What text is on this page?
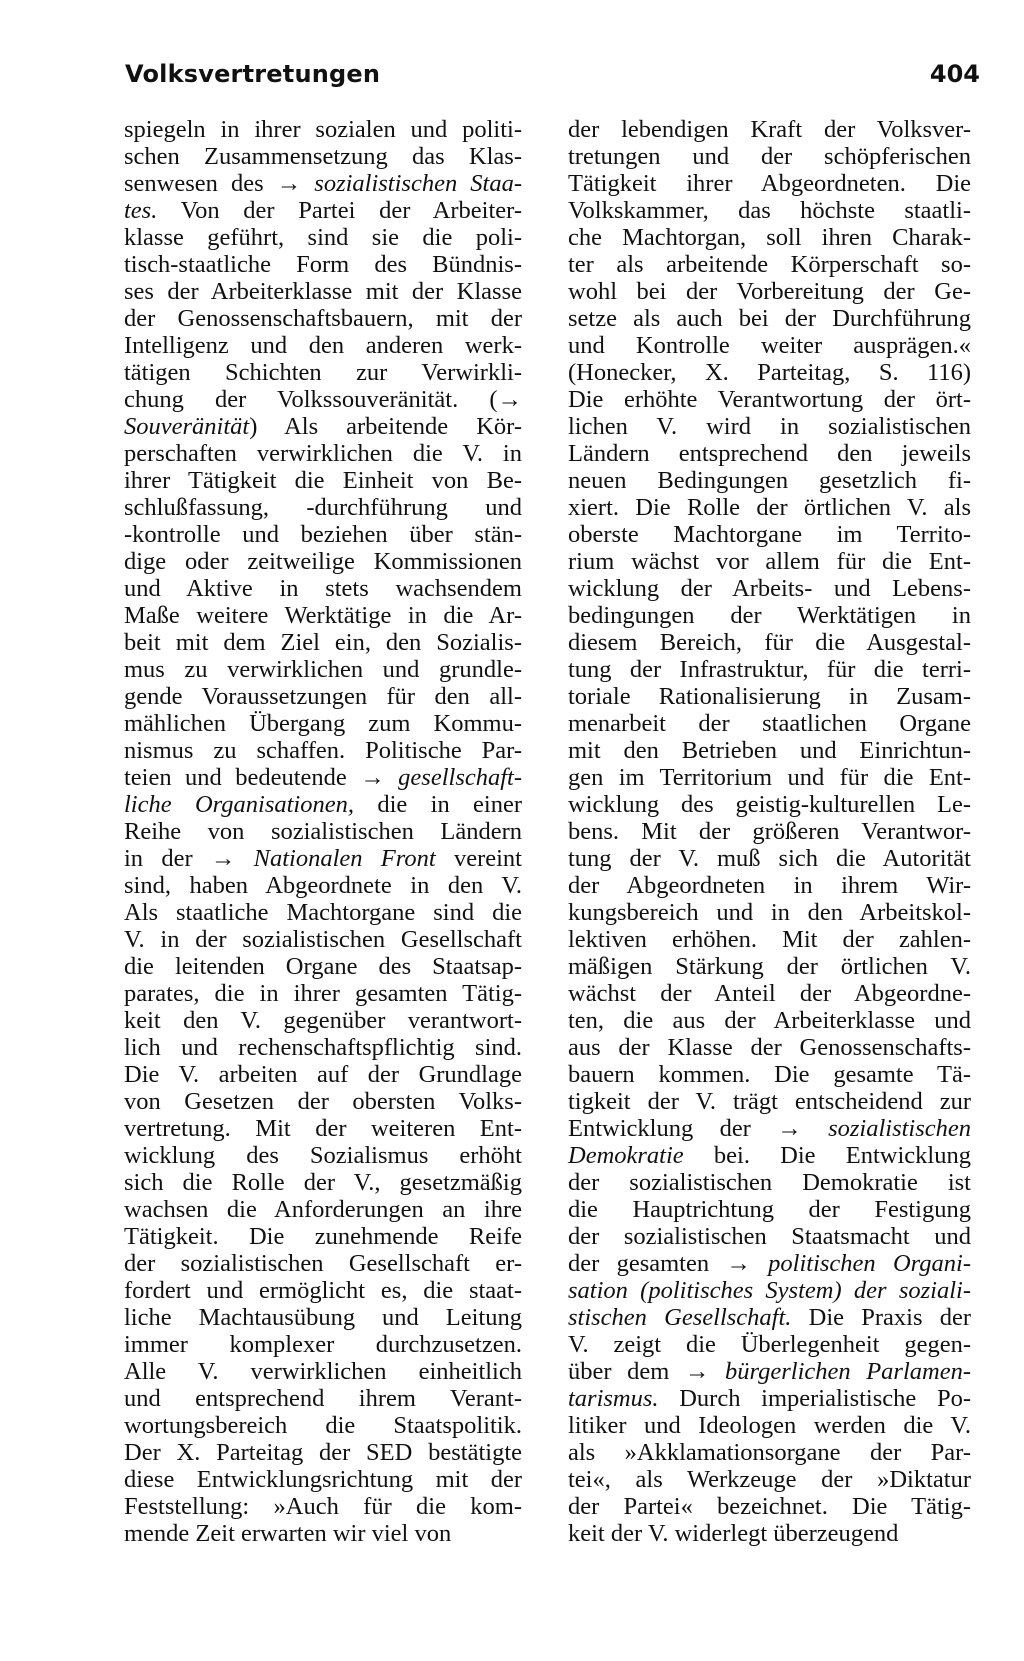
Volksvertretungen	404
spiegeln in ihrer sozialen und politi-
schen Zusammensetzung das Klas-
senwesen des → sozialistischen Staa-
tes. Von der Partei der Arbeiter-
klasse geführt, sind sie die poli-
tisch-staatliche Form des Bündnis-
ses der Arbeiterklasse mit der Klasse
der Genossenschaftsbauern, mit der
Intelligenz und den anderen werk-
tätigen Schichten zur Verwirkli-
chung der Volkssouveränität. (→
Souveränität) Als arbeitende Kör-
perschaften verwirklichen die V. in
ihrer Tätigkeit die Einheit von Be-
schlußfassung, -durchführung und
-kontrolle und beziehen über stän-
dige oder zeitweilige Kommissionen
und Aktive in stets wachsendem
Maße weitere Werktätige in die Ar-
beit mit dem Ziel ein, den Sozialis-
mus zu verwirklichen und grundle-
gende Voraussetzungen für den all-
mählichen Übergang zum Kommu-
nismus zu schaffen. Politische Par-
teien und bedeutende → gesellschaft-
liche Organisationen, die in einer
Reihe von sozialistischen Ländern
in der → Nationalen Front vereint
sind, haben Abgeordnete in den V.
Als staatliche Machtorgane sind die
V. in der sozialistischen Gesellschaft
die leitenden Organe des Staatsap-
parates, die in ihrer gesamten Tätig-
keit den V. gegenüber verantwort-
lich und rechenschaftspflichtig sind.
Die V. arbeiten auf der Grundlage
von Gesetzen der obersten Volks-
vertretung. Mit der weiteren Ent-
wicklung des Sozialismus erhöht
sich die Rolle der V., gesetzmäßig
wachsen die Anforderungen an ihre
Tätigkeit. Die zunehmende Reife
der sozialistischen Gesellschaft er-
fordert und ermöglicht es, die staat-
liche Machtausübung und Leitung
immer komplexer durchzusetzen.
Alle V. verwirklichen einheitlich
und entsprechend ihrem Verant-
wortungsbereich die Staatspolitik.
Der X. Parteitag der SED bestätigte
diese Entwicklungsrichtung mit der
Feststellung: »Auch für die kom-
mende Zeit erwarten wir viel von
der lebendigen Kraft der Volksver-
tretungen und der schöpferischen
Tätigkeit ihrer Abgeordneten. Die
Volkskammer, das höchste staatli-
che Machtorgan, soll ihren Charak-
ter als arbeitende Körperschaft so-
wohl bei der Vorbereitung der Ge-
setze als auch bei der Durchführung
und Kontrolle weiter ausprägen.«
(Honecker, X. Parteitag, S. 116)
Die erhöhte Verantwortung der ört-
lichen V. wird in sozialistischen
Ländern entsprechend den jeweils
neuen Bedingungen gesetzlich fi-
xiert. Die Rolle der örtlichen V. als
oberste Machtorgane im Territo-
rium wächst vor allem für die Ent-
wicklung der Arbeits- und Lebens-
bedingungen der Werktätigen in
diesem Bereich, für die Ausgestal-
tung der Infrastruktur, für die terri-
toriale Rationalisierung in Zusam-
menarbeit der staatlichen Organe
mit den Betrieben und Einrichtun-
gen im Territorium und für die Ent-
wicklung des geistig-kulturellen Le-
bens. Mit der größeren Verantwor-
tung der V. muß sich die Autorität
der Abgeordneten in ihrem Wir-
kungsbereich und in den Arbeitskol-
lektiven erhöhen. Mit der zahlen-
mäßigen Stärkung der örtlichen V.
wächst der Anteil der Abgeordne-
ten, die aus der Arbeiterklasse und
aus der Klasse der Genossenschafts-
bauern kommen. Die gesamte Tä-
tigkeit der V. trägt entscheidend zur
Entwicklung der → sozialistischen
Demokratie bei. Die Entwicklung
der sozialistischen Demokratie ist
die Hauptrichtung der Festigung
der sozialistischen Staatsmacht und
der gesamten → politischen Organi-
sation (politisches System) der soziali-
stischen Gesellschaft. Die Praxis der
V. zeigt die Überlegenheit gegen-
über dem → bürgerlichen Parlamen-
tarismus. Durch imperialistische Po-
litiker und Ideologen werden die V.
als »Akklamationsorgane der Par-
tei«, als Werkzeuge der »Diktatur
der Partei« bezeichnet. Die Tätig-
keit der V. widerlegt überzeugend
